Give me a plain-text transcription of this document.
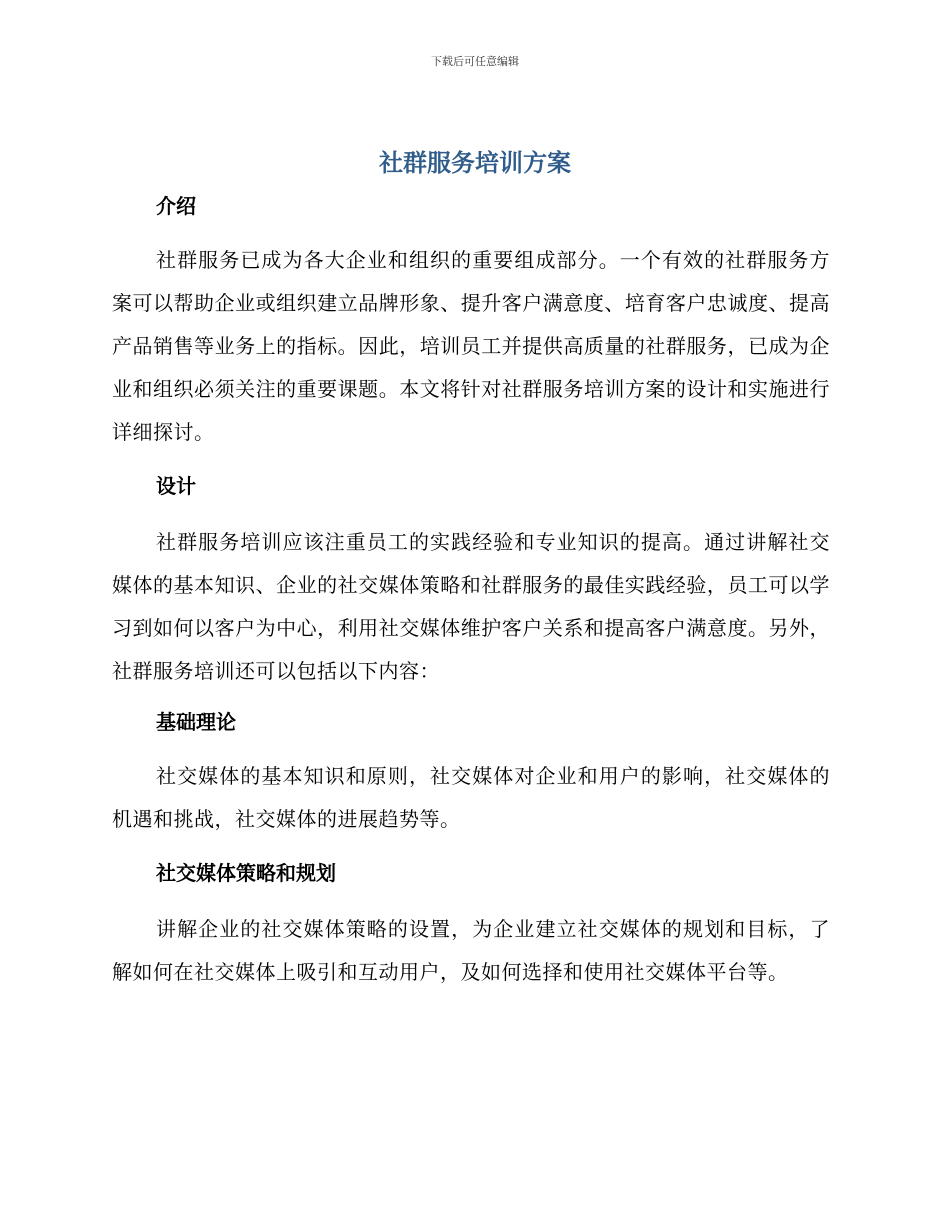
下载后可任意编辑
社群服务培训方案
介绍

社群服务已成为各大企业和组织的重要组成部分。一个有效的社群服务方案可以帮助企业或组织建立品牌形象、提升客户满意度、培育客户忠诚度、提高产品销售等业务上的指标。因此，培训员工并提供高质量的社群服务，已成为企业和组织必须关注的重要课题。本文将针对社群服务培训方案的设计和实施进行详细探讨。

设计

社群服务培训应该注重员工的实践经验和专业知识的提高。通过讲解社交媒体的基本知识、企业的社交媒体策略和社群服务的最佳实践经验，员工可以学习到如何以客户为中心，利用社交媒体维护客户关系和提高客户满意度。另外，社群服务培训还可以包括以下内容：

基础理论

社交媒体的基本知识和原则，社交媒体对企业和用户的影响，社交媒体的机遇和挑战，社交媒体的进展趋势等。

社交媒体策略和规划

讲解企业的社交媒体策略的设置，为企业建立社交媒体的规划和目标，了解如何在社交媒体上吸引和互动用户，及如何选择和使用社交媒体平台等。
